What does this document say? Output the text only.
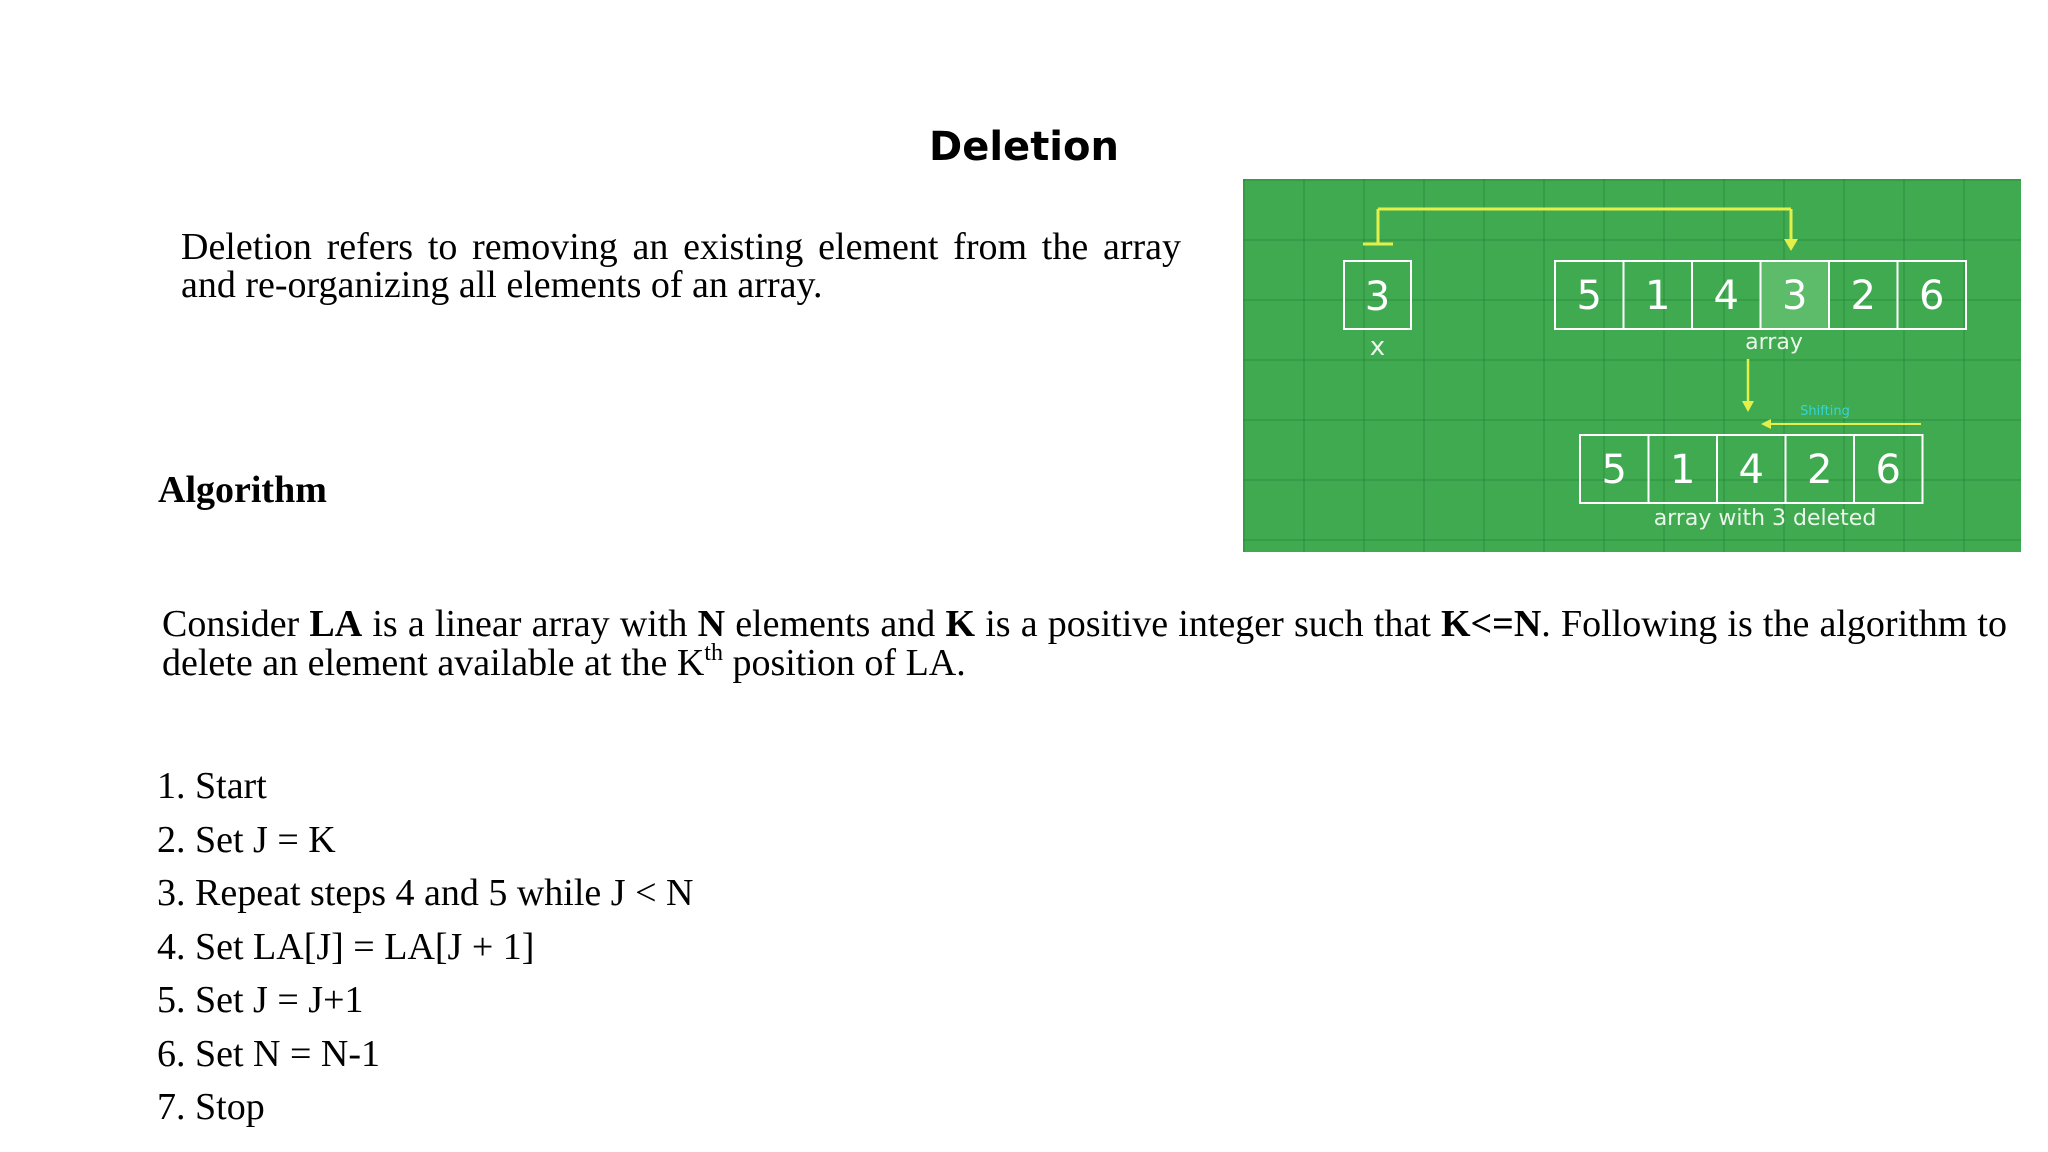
Deletion
Deletion refers to removing an existing element from the array and re-organizing all elements of an array.
Algorithm
Consider LA is a linear array with N elements and K is a positive integer such that K<=N. Following is the algorithm to delete an element available at the $K^{th}$ position of LA.
1. Start
2. Set J = K
3. Repeat steps 4 and 5 while J < N
4. Set LA[J] = LA[J + 1]
5. Set J = J+1
6. Set N = N-1
7. Stop
3
x
5 1 4 3 2 6
array
Shifting
5 1 4 2 6
array with 3 deleted
